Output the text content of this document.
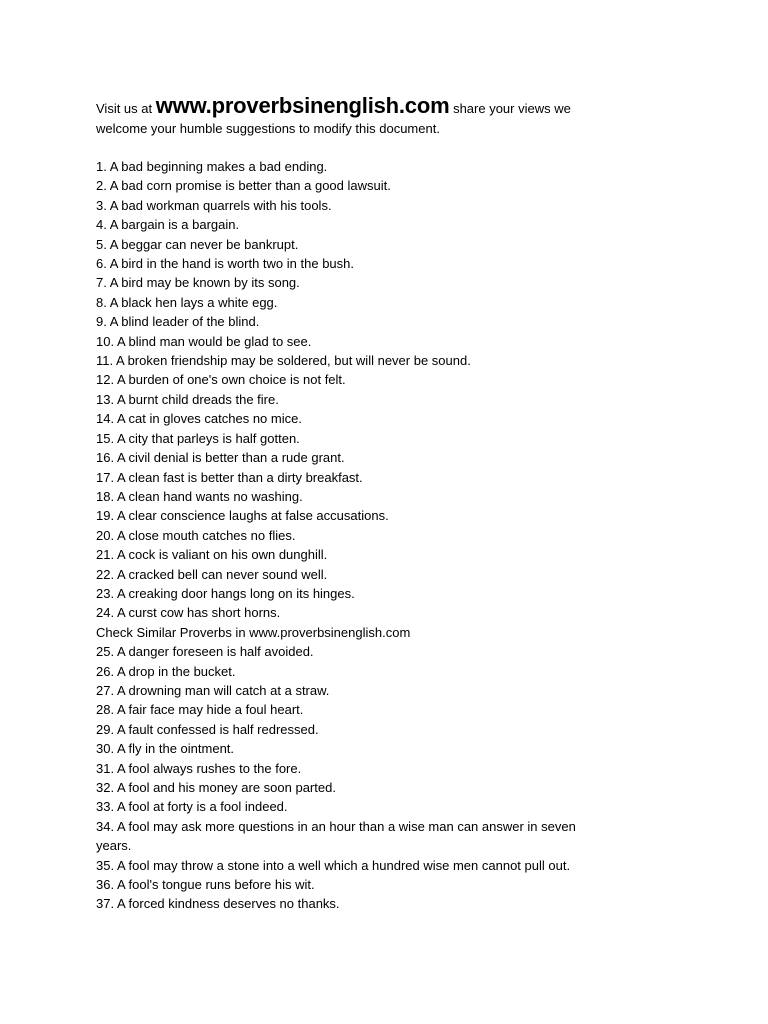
Visit us at www.proverbsinenglish.com share your views we
welcome your humble suggestions to modify this document.
1. A bad beginning makes a bad ending.
2. A bad corn promise is better than a good lawsuit.
3. A bad workman quarrels with his tools.
4. A bargain is a bargain.
5. A beggar can never be bankrupt.
6. A bird in the hand is worth two in the bush.
7. A bird may be known by its song.
8. A black hen lays a white egg.
9. A blind leader of the blind.
10. A blind man would be glad to see.
11. A broken friendship may be soldered, but will never be sound.
12. A burden of one's own choice is not felt.
13. A burnt child dreads the fire.
14. A cat in gloves catches no mice.
15. A city that parleys is half gotten.
16. A civil denial is better than a rude grant.
17. A clean fast is better than a dirty breakfast.
18. A clean hand wants no washing.
19. A clear conscience laughs at false accusations.
20. A close mouth catches no flies.
21. A cock is valiant on his own dunghill.
22. A cracked bell can never sound well.
23. A creaking door hangs long on its hinges.
24. A curst cow has short horns.
Check Similar Proverbs in www.proverbsinenglish.com
25. A danger foreseen is half avoided.
26. A drop in the bucket.
27. A drowning man will catch at a straw.
28. A fair face may hide a foul heart.
29. A fault confessed is half redressed.
30. A fly in the ointment.
31. A fool always rushes to the fore.
32. A fool and his money are soon parted.
33. A fool at forty is a fool indeed.
34. A fool may ask more questions in an hour than a wise man can answer in seven years.
35. A fool may throw a stone into a well which a hundred wise men cannot pull out.
36. A fool's tongue runs before his wit.
37. A forced kindness deserves no thanks.
